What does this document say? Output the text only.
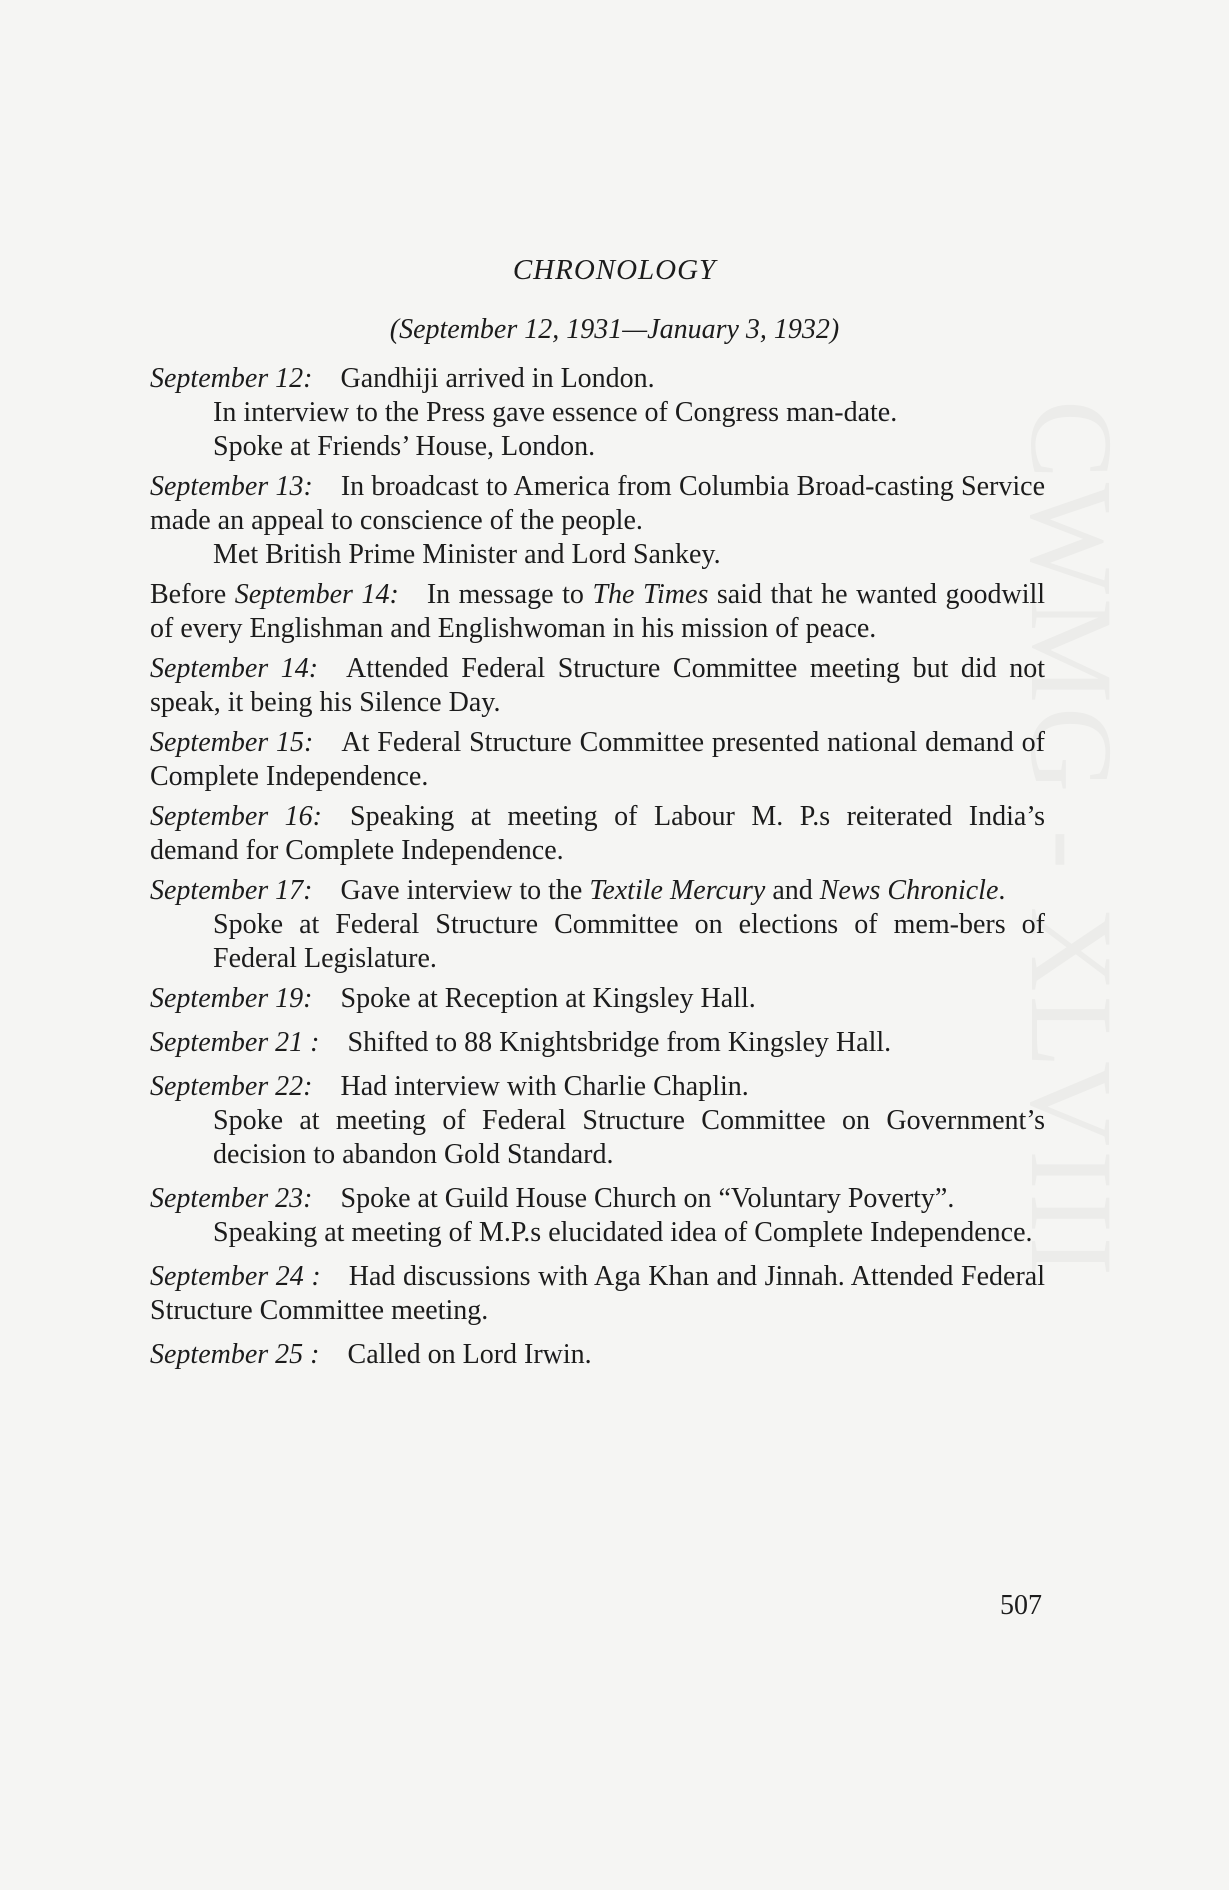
CWMG - XLVIII
CHRONOLOGY
(September 12, 1931—January 3, 1932)
September 12: Gandhiji arrived in London.
In interview to the Press gave essence of Congress man-date.
Spoke at Friends’ House, London.
September 13: In broadcast to America from Columbia Broad-casting Service made an appeal to conscience of the people.
Met British Prime Minister and Lord Sankey.
Before September 14: In message to The Times said that he wanted goodwill of every Englishman and Englishwoman in his mission of peace.
September 14: Attended Federal Structure Committee meeting but did not speak, it being his Silence Day.
September 15: At Federal Structure Committee presented national demand of Complete Independence.
September 16: Speaking at meeting of Labour M. P.s reiterated India’s demand for Complete Independence.
September 17: Gave interview to the Textile Mercury and News Chronicle.
Spoke at Federal Structure Committee on elections of mem-bers of Federal Legislature.
September 19: Spoke at Reception at Kingsley Hall.
September 21 : Shifted to 88 Knightsbridge from Kingsley Hall.
September 22: Had interview with Charlie Chaplin.
Spoke at meeting of Federal Structure Committee on Government’s decision to abandon Gold Standard.
September 23: Spoke at Guild House Church on “Voluntary Poverty”.
Speaking at meeting of M.P.s elucidated idea of Complete Independence.
September 24 : Had discussions with Aga Khan and Jinnah. Attended Federal Structure Committee meeting.
September 25 : Called on Lord Irwin.
507
